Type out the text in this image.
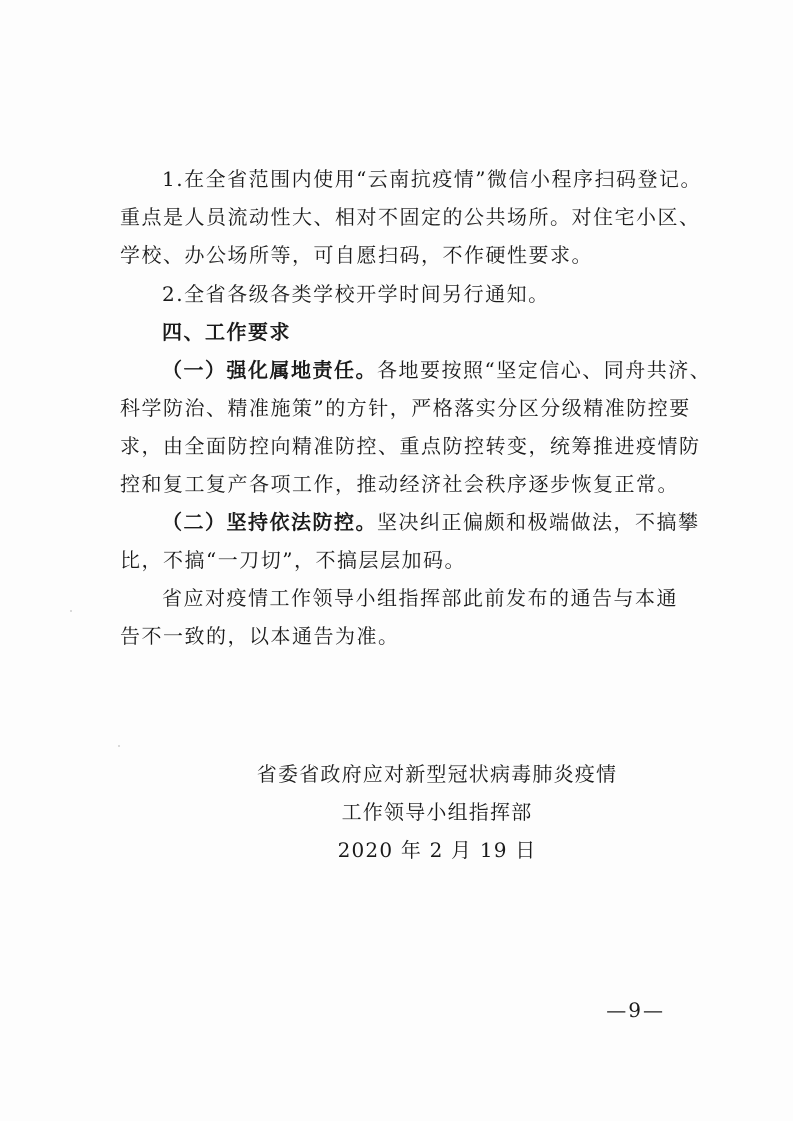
1.在全省范围内使用“云南抗疫情”微信小程序扫码登记。
重点是人员流动性大、相对不固定的公共场所。对住宅小区、
学校、办公场所等，可自愿扫码，不作硬性要求。
2.全省各级各类学校开学时间另行通知。
四、工作要求
（一）强化属地责任。各地要按照“坚定信心、同舟共济、
科学防治、精准施策”的方针，严格落实分区分级精准防控要
求，由全面防控向精准防控、重点防控转变，统筹推进疫情防
控和复工复产各项工作，推动经济社会秩序逐步恢复正常。
（二）坚持依法防控。坚决纠正偏颇和极端做法，不搞攀
比，不搞“一刀切”，不搞层层加码。
省应对疫情工作领导小组指挥部此前发布的通告与本通
告不一致的，以本通告为准。
省委省政府应对新型冠状病毒肺炎疫情
工作领导小组指挥部
2020 年 2 月 19 日
—9—
